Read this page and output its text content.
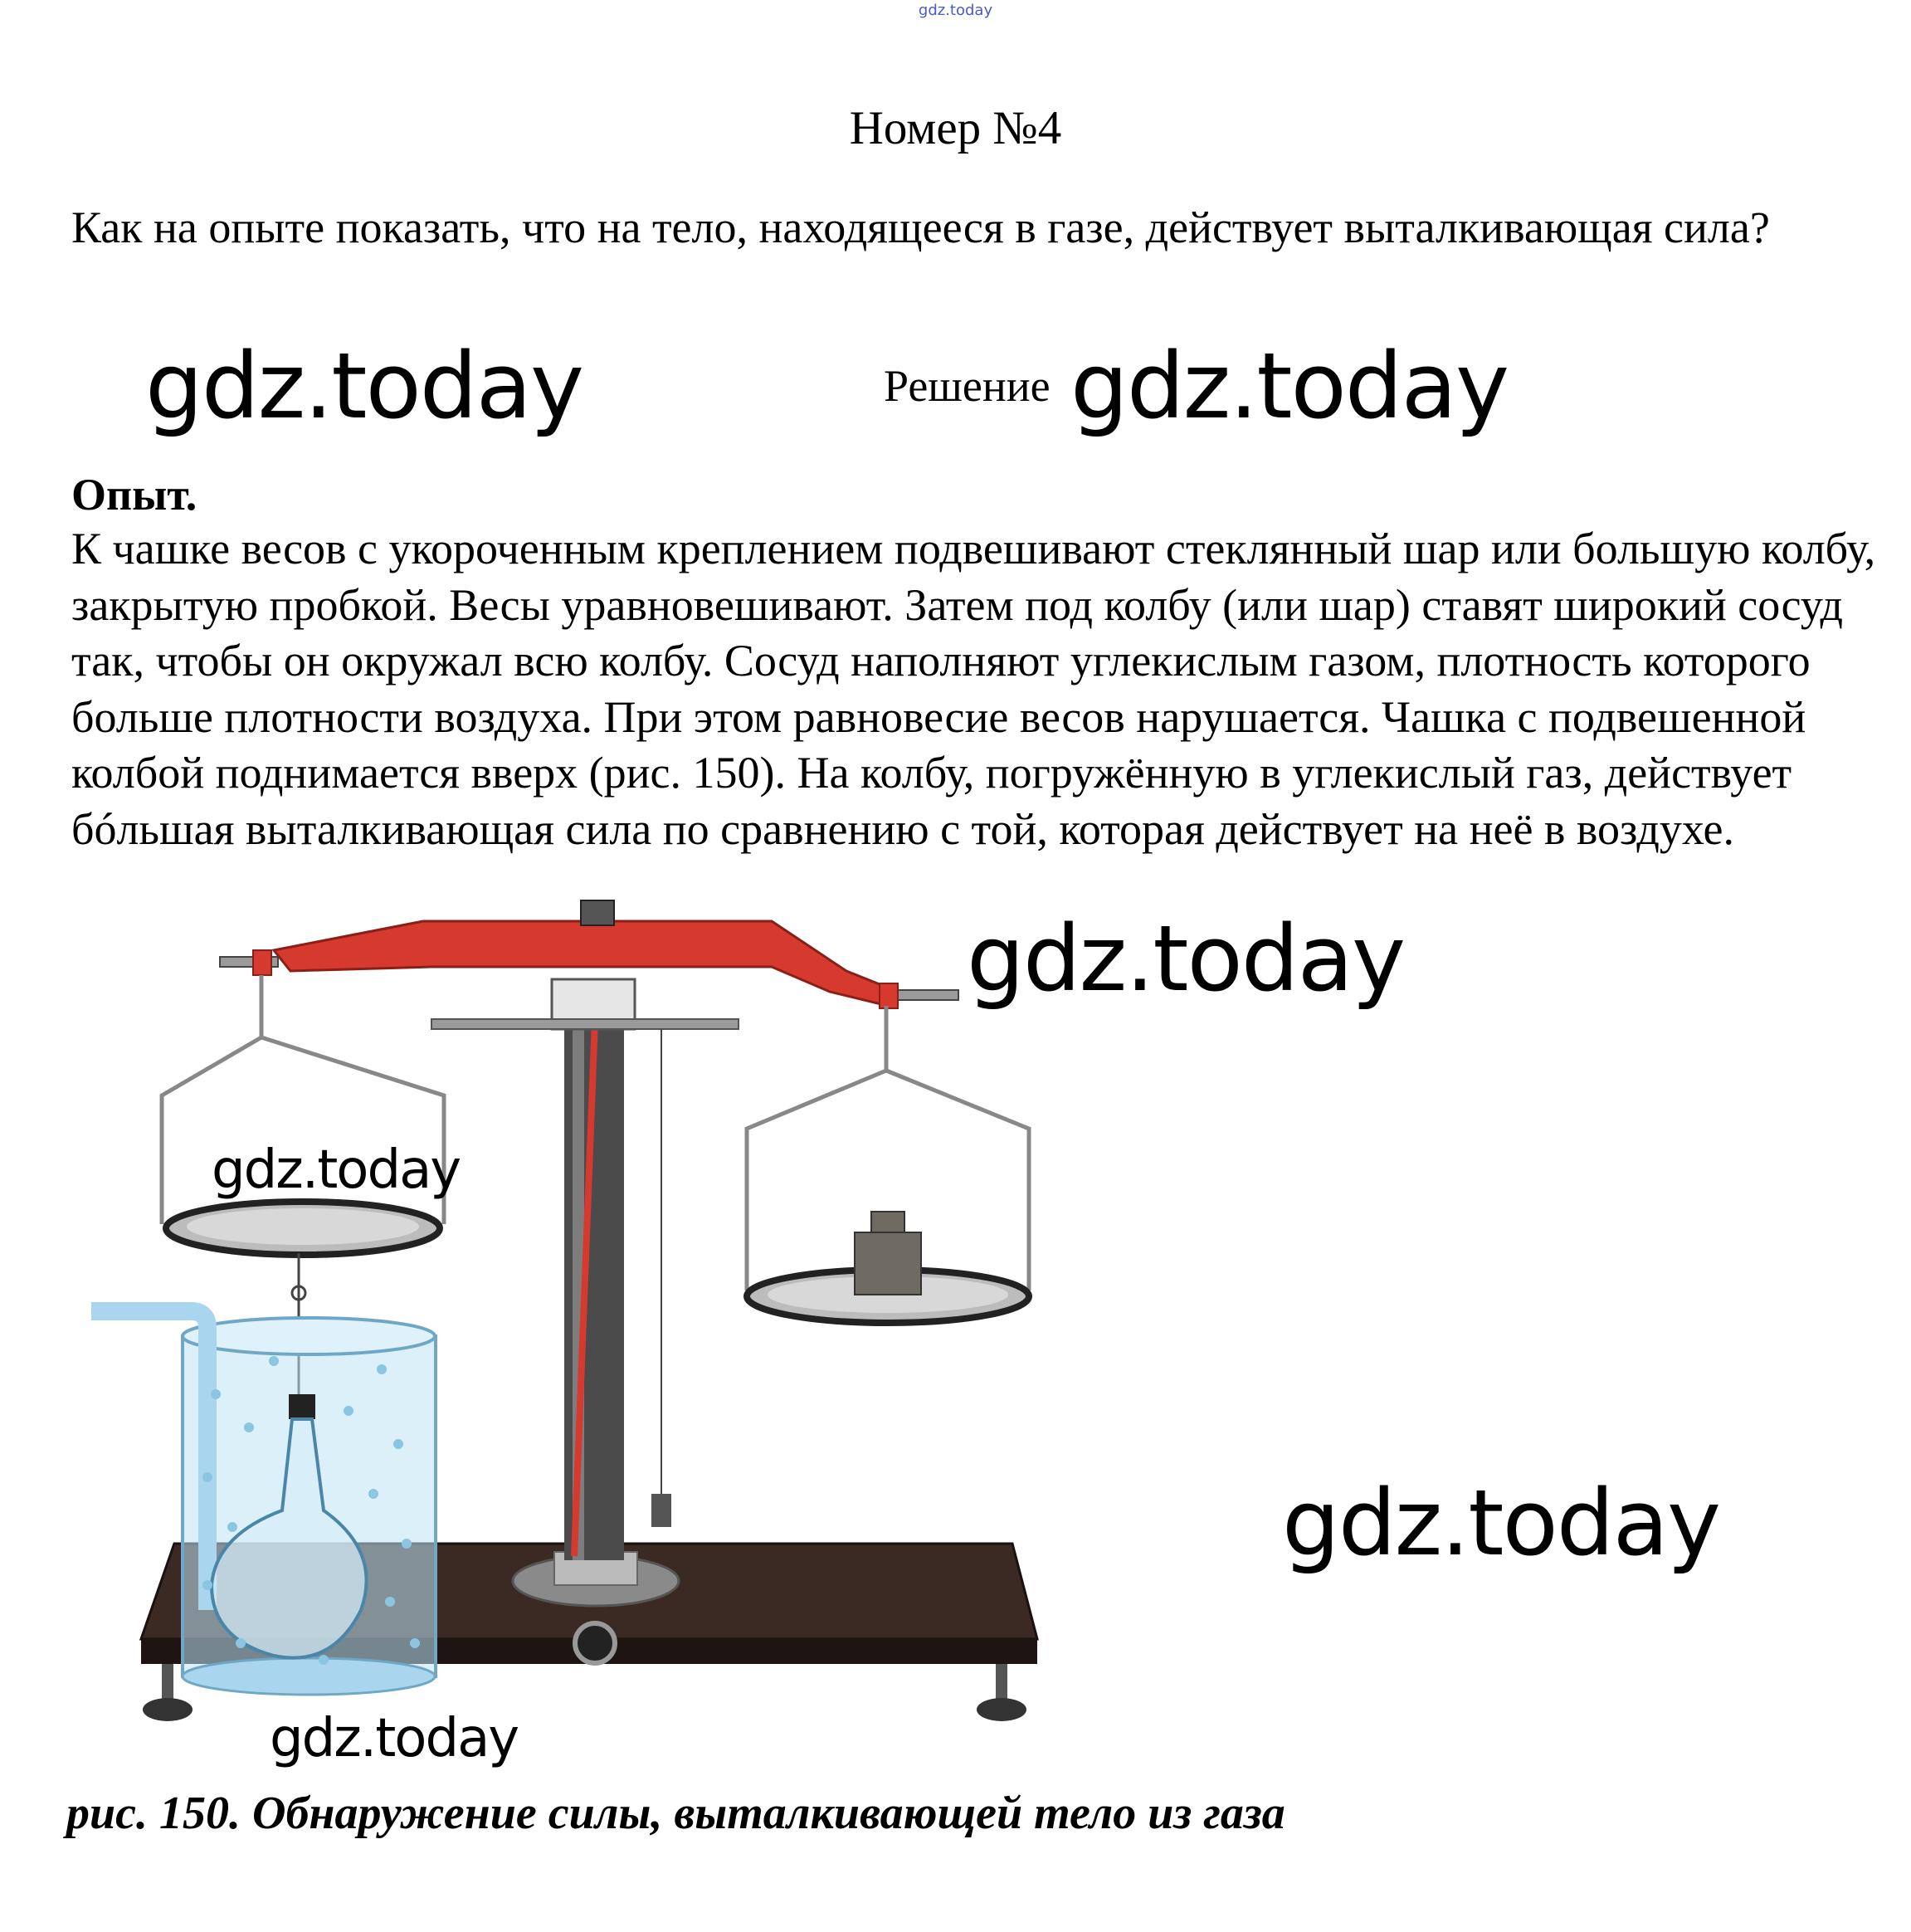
gdz.today
Номер №4
Как на опыте показать, что на тело, находящееся в газе, действует выталкивающая сила?
gdz.today	Решение gdz.today
Опыт.
К чашке весов с укороченным креплением подвешивают стеклянный шар или большую колбу, закрытую пробкой. Весы уравновешивают. Затем под колбу (или шар) ставят широкий сосуд так, чтобы он окружал всю колбу. Сосуд наполняют углекислым газом, плотность которого больше плотности воздуха. При этом равновесие весов нарушается. Чашка с подвешенной колбой поднимается вверх (рис. 150). На колбу, погружённую в углекислый газ, действует бóльшая выталкивающая сила по сравнению с той, которая действует на неё в воздухе.
gdz.today
gdz.today
gdz.today
gdz.today
рис. 150. Обнаружение силы, выталкивающей тело из газа
